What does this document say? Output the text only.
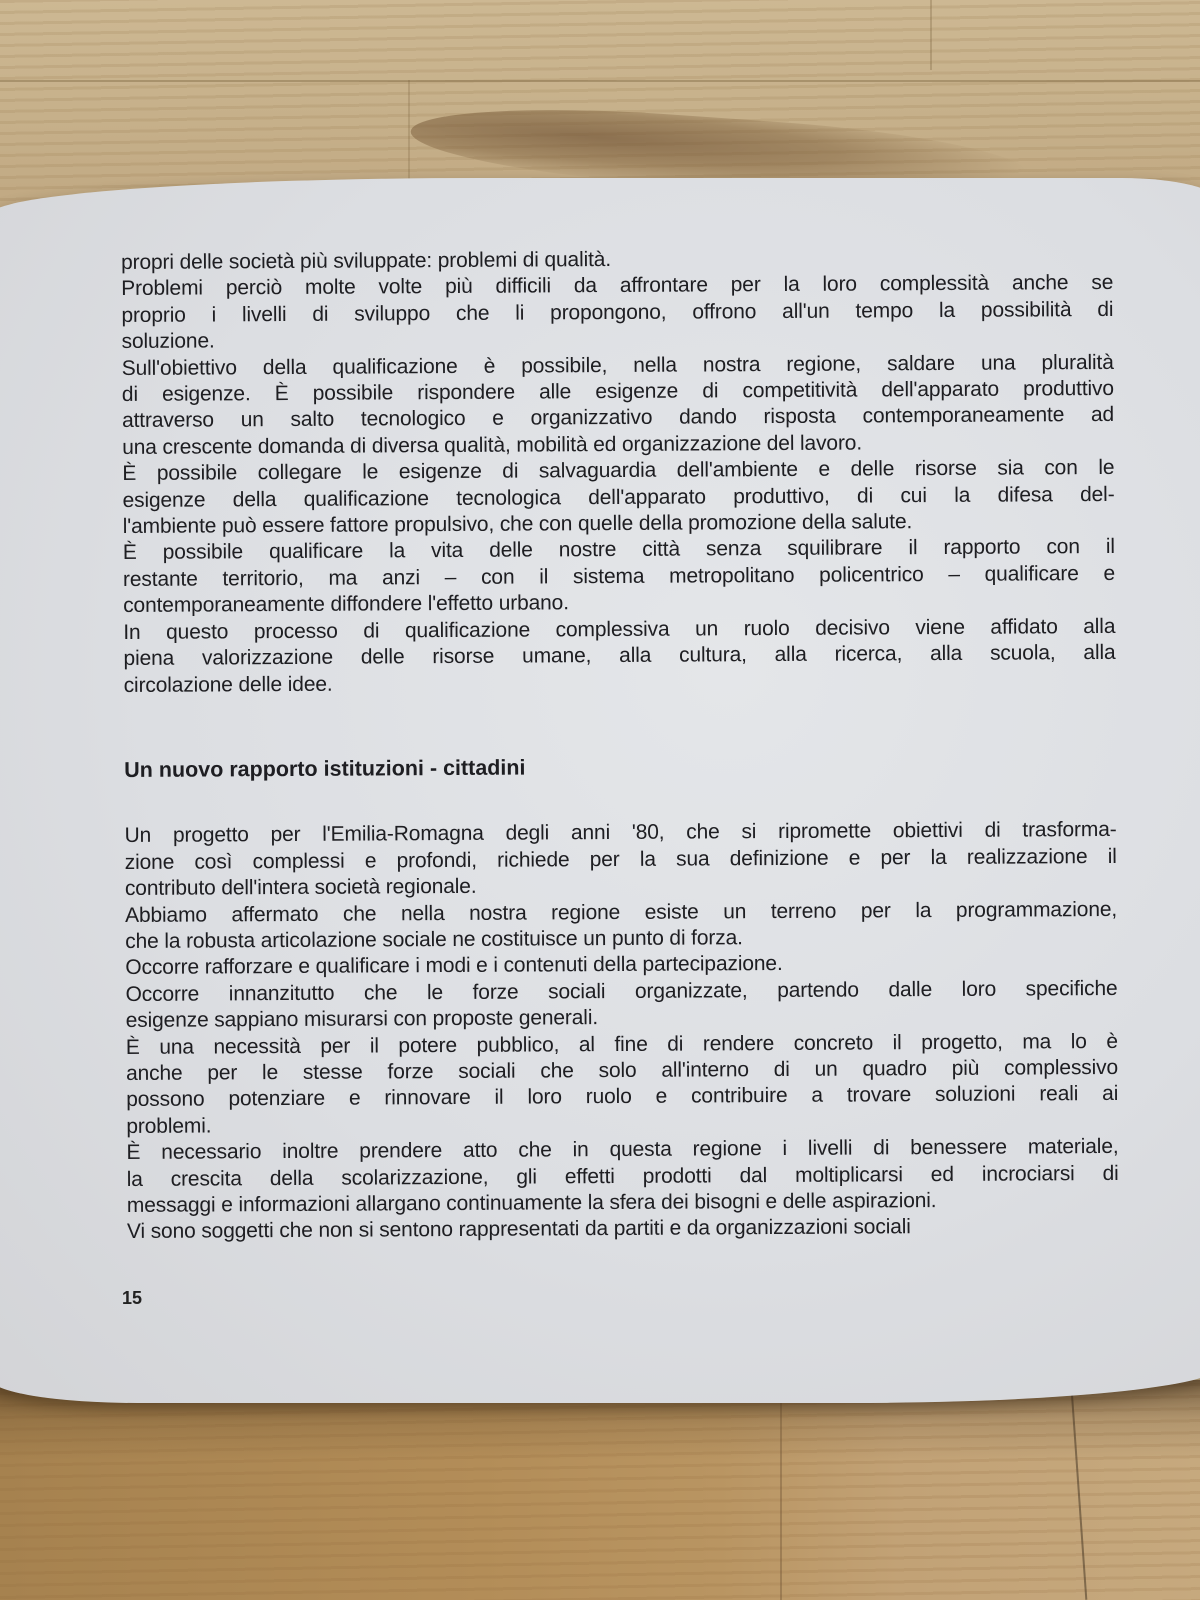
propri delle società più sviluppate: problemi di qualità.

Problemi perciò molte volte più difficili da affrontare per la loro complessità anche se
proprio i livelli di sviluppo che li propongono, offrono all'un tempo la possibilità di
soluzione.

Sull'obiettivo della qualificazione è possibile, nella nostra regione, saldare una pluralità
di esigenze. È possibile rispondere alle esigenze di competitività dell'apparato produttivo
attraverso un salto tecnologico e organizzativo dando risposta contemporaneamente ad
una crescente domanda di diversa qualità, mobilità ed organizzazione del lavoro.

È possibile collegare le esigenze di salvaguardia dell'ambiente e delle risorse sia con le
esigenze della qualificazione tecnologica dell'apparato produttivo, di cui la difesa del-
l'ambiente può essere fattore propulsivo, che con quelle della promozione della salute.

È possibile qualificare la vita delle nostre città senza squilibrare il rapporto con il
restante territorio, ma anzi – con il sistema metropolitano policentrico – qualificare e
contemporaneamente diffondere l'effetto urbano.

In questo processo di qualificazione complessiva un ruolo decisivo viene affidato alla
piena valorizzazione delle risorse umane, alla cultura, alla ricerca, alla scuola, alla
circolazione delle idee.

Un nuovo rapporto istituzioni - cittadini

Un progetto per l'Emilia-Romagna degli anni '80, che si ripromette obiettivi di trasforma-
zione così complessi e profondi, richiede per la sua definizione e per la realizzazione il
contributo dell'intera società regionale.

Abbiamo affermato che nella nostra regione esiste un terreno per la programmazione,
che la robusta articolazione sociale ne costituisce un punto di forza.

Occorre rafforzare e qualificare i modi e i contenuti della partecipazione.

Occorre innanzitutto che le forze sociali organizzate, partendo dalle loro specifiche
esigenze sappiano misurarsi con proposte generali.

È una necessità per il potere pubblico, al fine di rendere concreto il progetto, ma lo è
anche per le stesse forze sociali che solo all'interno di un quadro più complessivo
possono potenziare e rinnovare il loro ruolo e contribuire a trovare soluzioni reali ai
problemi.

È necessario inoltre prendere atto che in questa regione i livelli di benessere materiale,
la crescita della scolarizzazione, gli effetti prodotti dal moltiplicarsi ed incrociarsi di
messaggi e informazioni allargano continuamente la sfera dei bisogni e delle aspirazioni.

Vi sono soggetti che non si sentono rappresentati da partiti e da organizzazioni sociali

15
